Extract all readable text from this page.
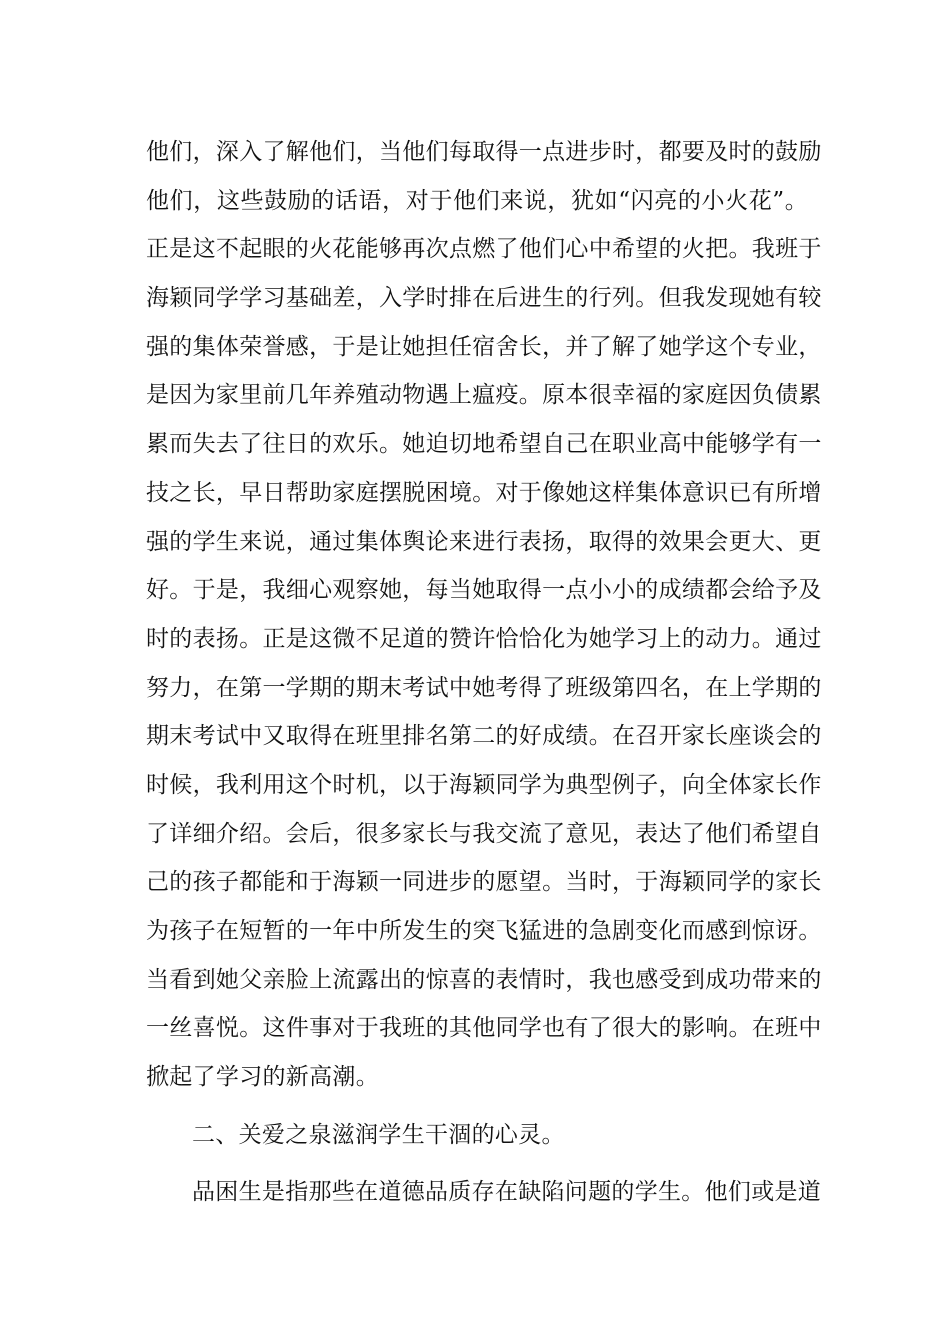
他们，深入了解他们，当他们每取得一点进步时，都要及时的鼓励
他们，这些鼓励的话语，对于他们来说，犹如“闪亮的小火花”。
正是这不起眼的火花能够再次点燃了他们心中希望的火把。我班于
海颖同学学习基础差，入学时排在后进生的行列。但我发现她有较
强的集体荣誉感，于是让她担任宿舍长，并了解了她学这个专业，
是因为家里前几年养殖动物遇上瘟疫。原本很幸福的家庭因负债累
累而失去了往日的欢乐。她迫切地希望自己在职业高中能够学有一
技之长，早日帮助家庭摆脱困境。对于像她这样集体意识已有所增
强的学生来说，通过集体舆论来进行表扬，取得的效果会更大、更
好。于是，我细心观察她，每当她取得一点小小的成绩都会给予及
时的表扬。正是这微不足道的赞许恰恰化为她学习上的动力。通过
努力，在第一学期的期末考试中她考得了班级第四名，在上学期的
期末考试中又取得在班里排名第二的好成绩。在召开家长座谈会的
时候，我利用这个时机，以于海颖同学为典型例子，向全体家长作
了详细介绍。会后，很多家长与我交流了意见，表达了他们希望自
己的孩子都能和于海颖一同进步的愿望。当时，于海颖同学的家长
为孩子在短暂的一年中所发生的突飞猛进的急剧变化而感到惊讶。
当看到她父亲脸上流露出的惊喜的表情时，我也感受到成功带来的
一丝喜悦。这件事对于我班的其他同学也有了很大的影响。在班中
掀起了学习的新高潮。
二、关爱之泉滋润学生干涸的心灵。
品困生是指那些在道德品质存在缺陷问题的学生。他们或是道
